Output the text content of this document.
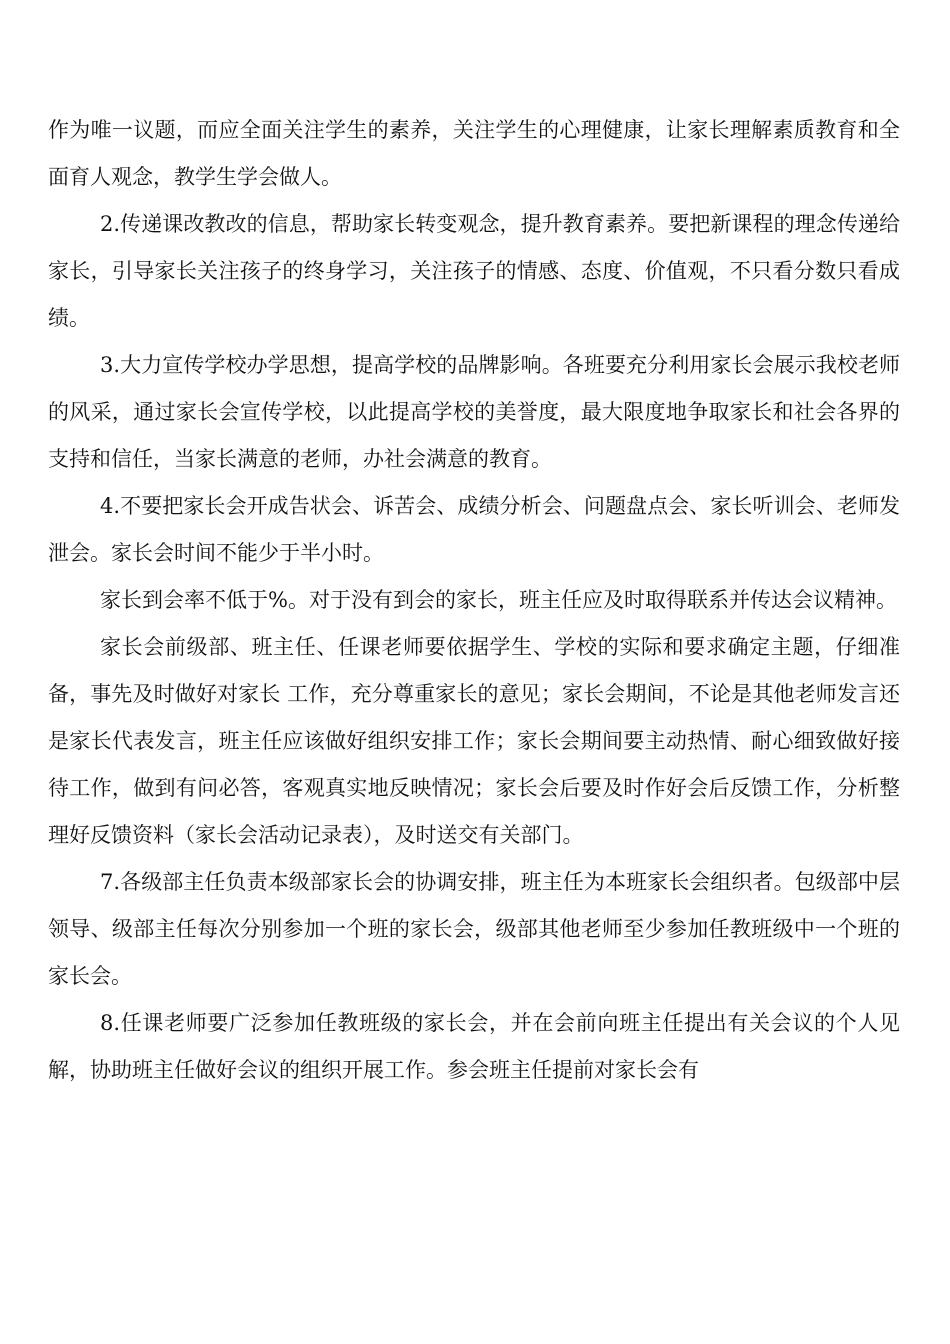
作为唯一议题，而应全面关注学生的素养，关注学生的心理健康，让家长理解素质教育和全面育人观念，教学生学会做人。

2.传递课改教改的信息，帮助家长转变观念，提升教育素养。要把新课程的理念传递给家长，引导家长关注孩子的终身学习，关注孩子的情感、态度、价值观，不只看分数只看成绩。

3.大力宣传学校办学思想，提高学校的品牌影响。各班要充分利用家长会展示我校老师的风采，通过家长会宣传学校，以此提高学校的美誉度，最大限度地争取家长和社会各界的支持和信任，当家长满意的老师，办社会满意的教育。

4.不要把家长会开成告状会、诉苦会、成绩分析会、问题盘点会、家长听训会、老师发泄会。家长会时间不能少于半小时。

家长到会率不低于%。对于没有到会的家长，班主任应及时取得联系并传达会议精神。

家长会前级部、班主任、任课老师要依据学生、学校的实际和要求确定主题，仔细准备，事先及时做好对家长 工作，充分尊重家长的意见；家长会期间，不论是其他老师发言还是家长代表发言，班主任应该做好组织安排工作；家长会期间要主动热情、耐心细致做好接待工作，做到有问必答，客观真实地反映情况；家长会后要及时作好会后反馈工作，分析整理好反馈资料（家长会活动记录表），及时送交有关部门。

7.各级部主任负责本级部家长会的协调安排，班主任为本班家长会组织者。包级部中层领导、级部主任每次分别参加一个班的家长会，级部其他老师至少参加任教班级中一个班的家长会。

8.任课老师要广泛参加任教班级的家长会，并在会前向班主任提出有关会议的个人见解，协助班主任做好会议的组织开展工作。参会班主任提前对家长会有
